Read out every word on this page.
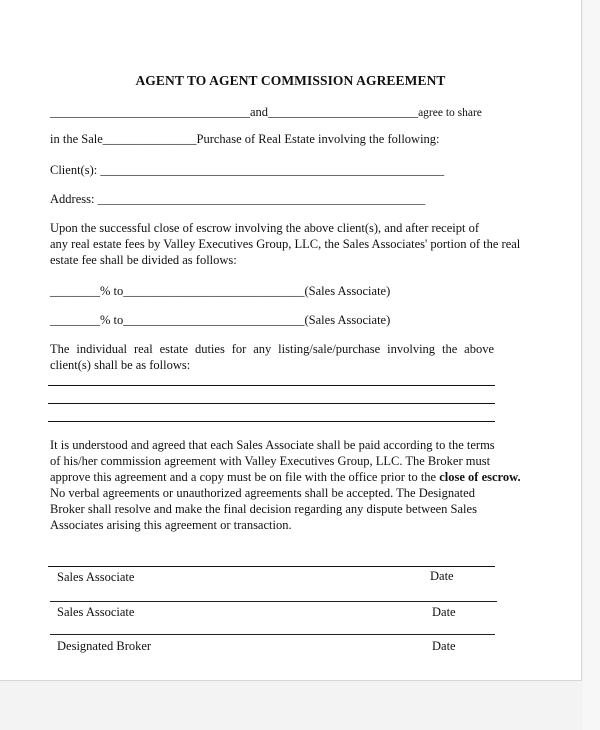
AGENT TO AGENT COMMISSION AGREEMENT
________________________________and________________________agree to share
in the Sale_______________Purchase of Real Estate involving the following:
Client(s): _______________________________________________________
Address: _________________________________________________________
Upon the successful close of escrow involving the above client(s), and after receipt of
any real estate fees by Valley Executives Group, LLC, the Sales Associates' portion of the real
estate fee shall be divided as follows:
________% to_____________________________(Sales Associate)
________% to_____________________________(Sales Associate)
The individual real estate duties for any listing/sale/purchase involving the above
client(s) shall be as follows:
It is understood and agreed that each Sales Associate shall be paid according to the terms
of his/her commission agreement with Valley Executives Group, LLC. The Broker must
approve this agreement and a copy must be on file with the office prior to the close of escrow.
No verbal agreements or unauthorized agreements shall be accepted. The Designated
Broker shall resolve and make the final decision regarding any dispute between Sales
Associates arising this agreement or transaction.
Sales Associate	Date
Sales Associate	Date
Designated Broker	Date
